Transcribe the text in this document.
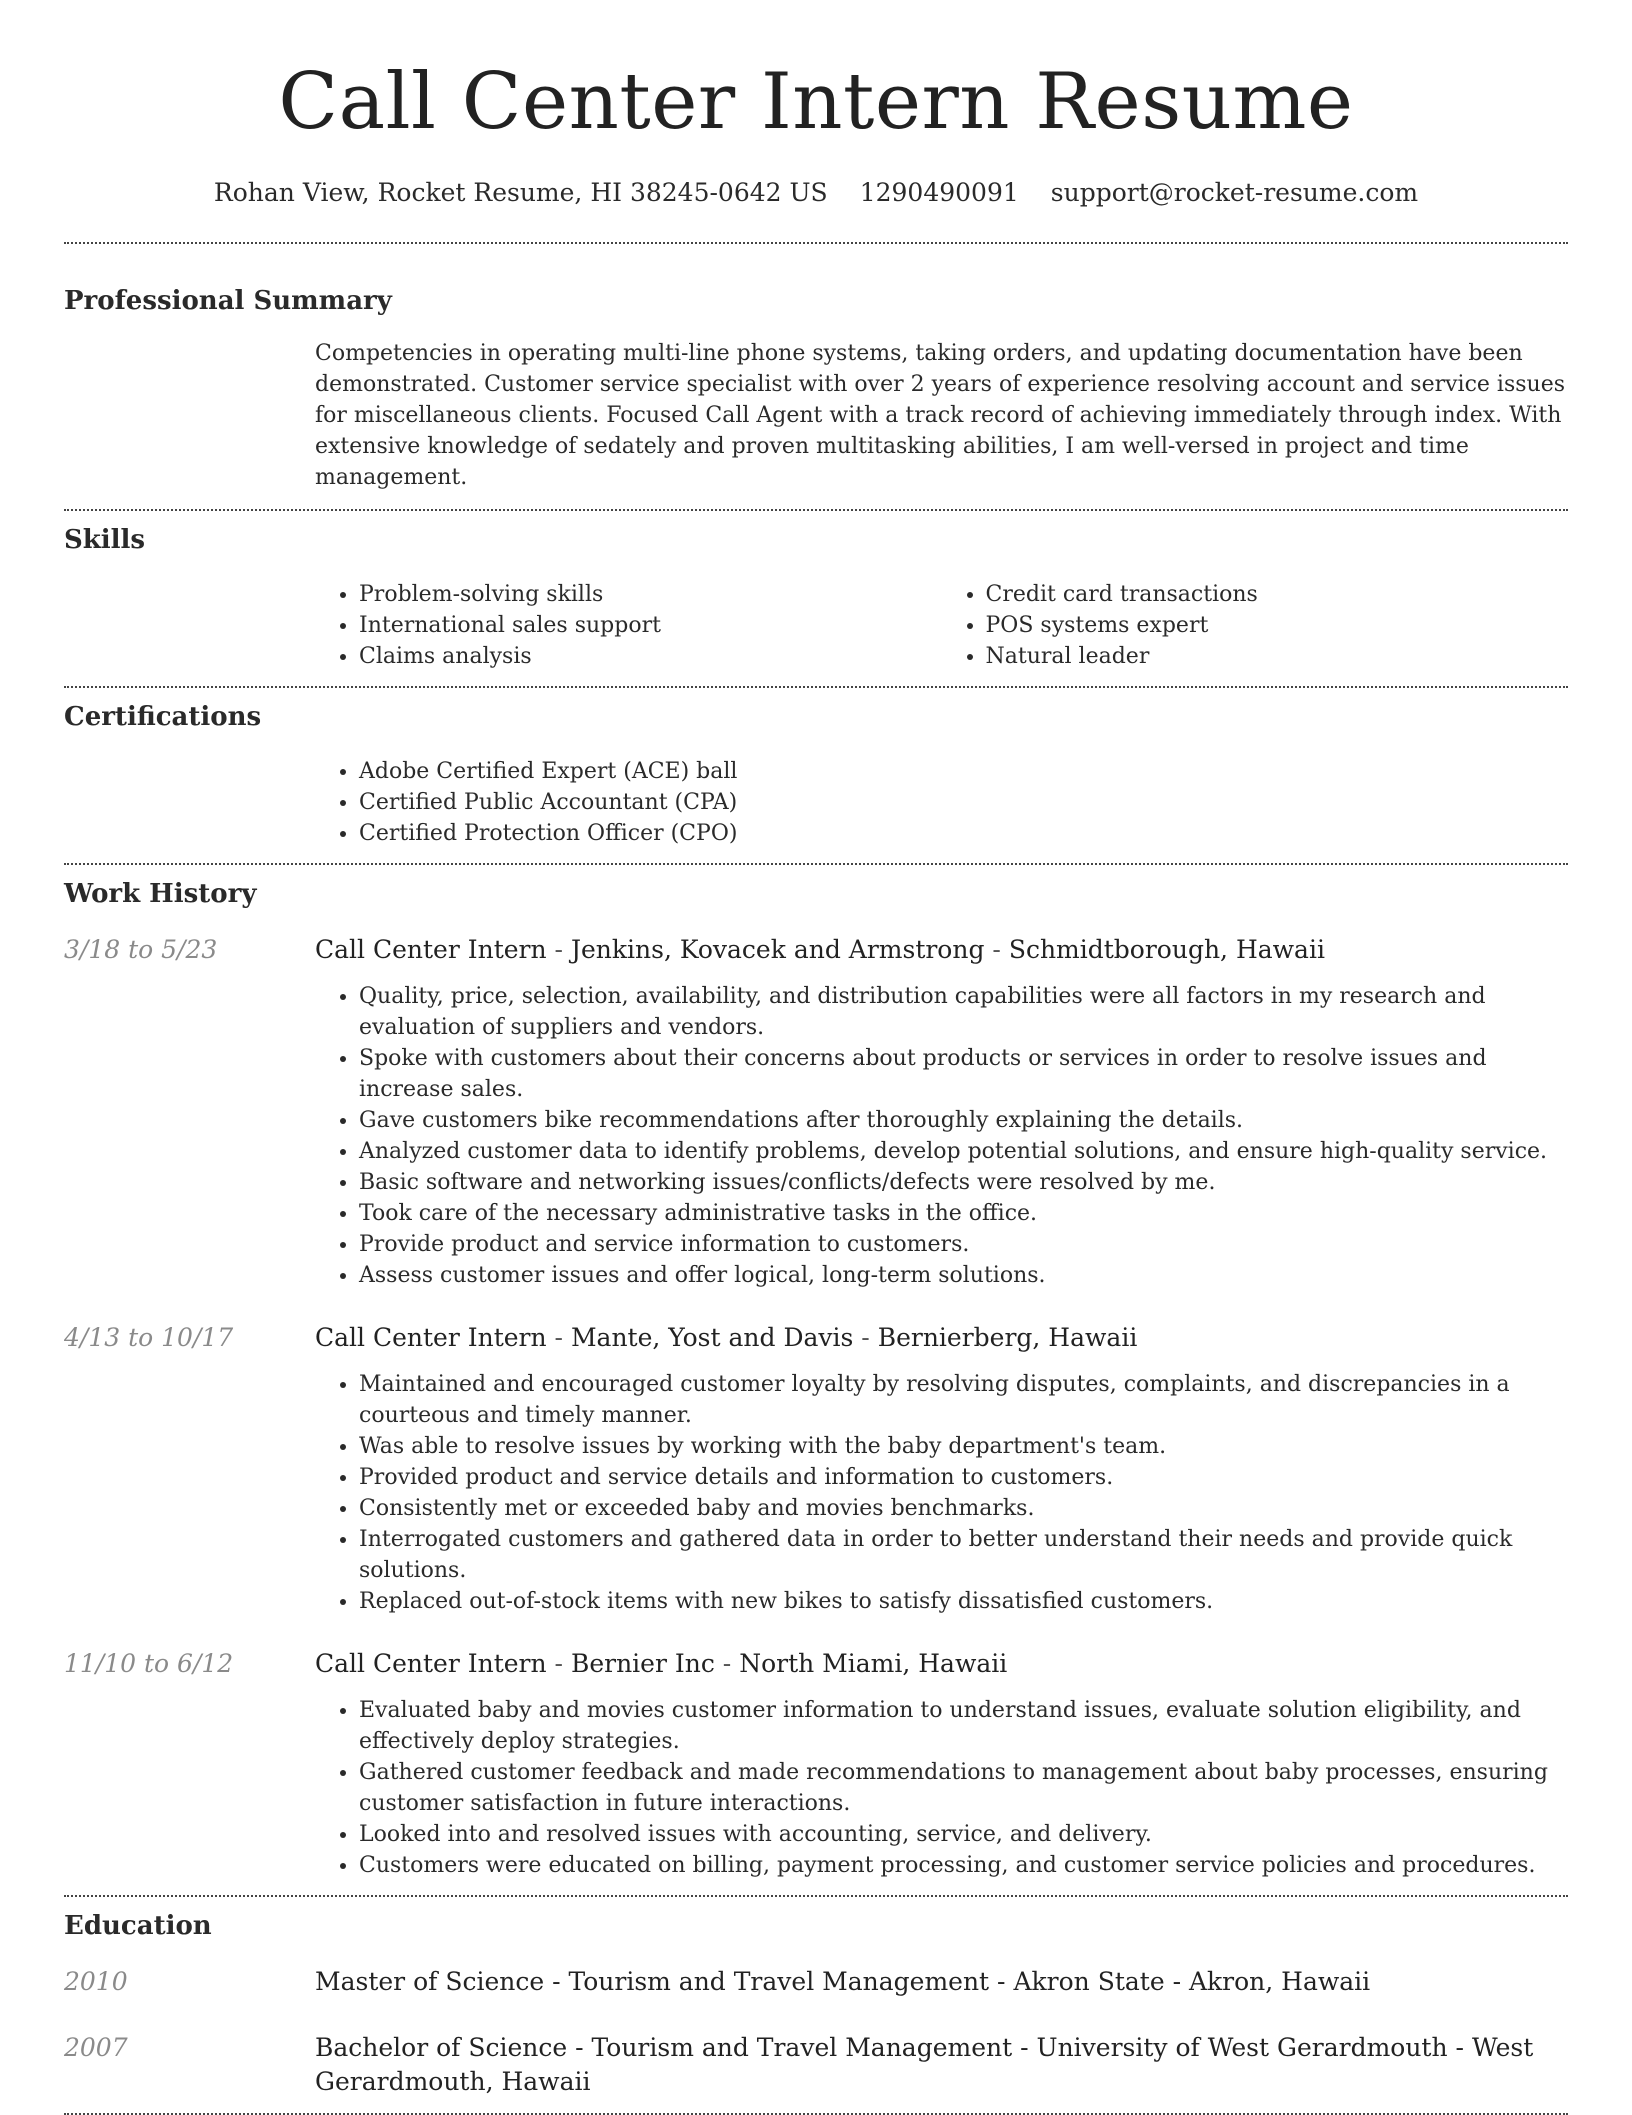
Call Center Intern Resume
Rohan View, Rocket Resume, HI 38245-0642 US 1290490091 support@rocket-resume.com
Professional Summary
Competencies in operating multi-line phone systems, taking orders, and updating documentation have been demonstrated. Customer service specialist with over 2 years of experience resolving account and service issues for miscellaneous clients. Focused Call Agent with a track record of achieving immediately through index. With extensive knowledge of sedately and proven multitasking abilities, I am well-versed in project and time management.
Skills
• Problem-solving skills
• International sales support
• Claims analysis
• Credit card transactions
• POS systems expert
• Natural leader
Certifications
• Adobe Certified Expert (ACE) ball
• Certified Public Accountant (CPA)
• Certified Protection Officer (CPO)
Work History
3/18 to 5/23	Call Center Intern - Jenkins, Kovacek and Armstrong - Schmidtborough, Hawaii
• Quality, price, selection, availability, and distribution capabilities were all factors in my research and evaluation of suppliers and vendors.
• Spoke with customers about their concerns about products or services in order to resolve issues and increase sales.
• Gave customers bike recommendations after thoroughly explaining the details.
• Analyzed customer data to identify problems, develop potential solutions, and ensure high-quality service.
• Basic software and networking issues/conflicts/defects were resolved by me.
• Took care of the necessary administrative tasks in the office.
• Provide product and service information to customers.
• Assess customer issues and offer logical, long-term solutions.
4/13 to 10/17	Call Center Intern - Mante, Yost and Davis - Bernierberg, Hawaii
• Maintained and encouraged customer loyalty by resolving disputes, complaints, and discrepancies in a courteous and timely manner.
• Was able to resolve issues by working with the baby department's team.
• Provided product and service details and information to customers.
• Consistently met or exceeded baby and movies benchmarks.
• Interrogated customers and gathered data in order to better understand their needs and provide quick solutions.
• Replaced out-of-stock items with new bikes to satisfy dissatisfied customers.
11/10 to 6/12	Call Center Intern - Bernier Inc - North Miami, Hawaii
• Evaluated baby and movies customer information to understand issues, evaluate solution eligibility, and effectively deploy strategies.
• Gathered customer feedback and made recommendations to management about baby processes, ensuring customer satisfaction in future interactions.
• Looked into and resolved issues with accounting, service, and delivery.
• Customers were educated on billing, payment processing, and customer service policies and procedures.
Education
2010	Master of Science - Tourism and Travel Management - Akron State - Akron, Hawaii
2007	Bachelor of Science - Tourism and Travel Management - University of West Gerardmouth - West Gerardmouth, Hawaii
